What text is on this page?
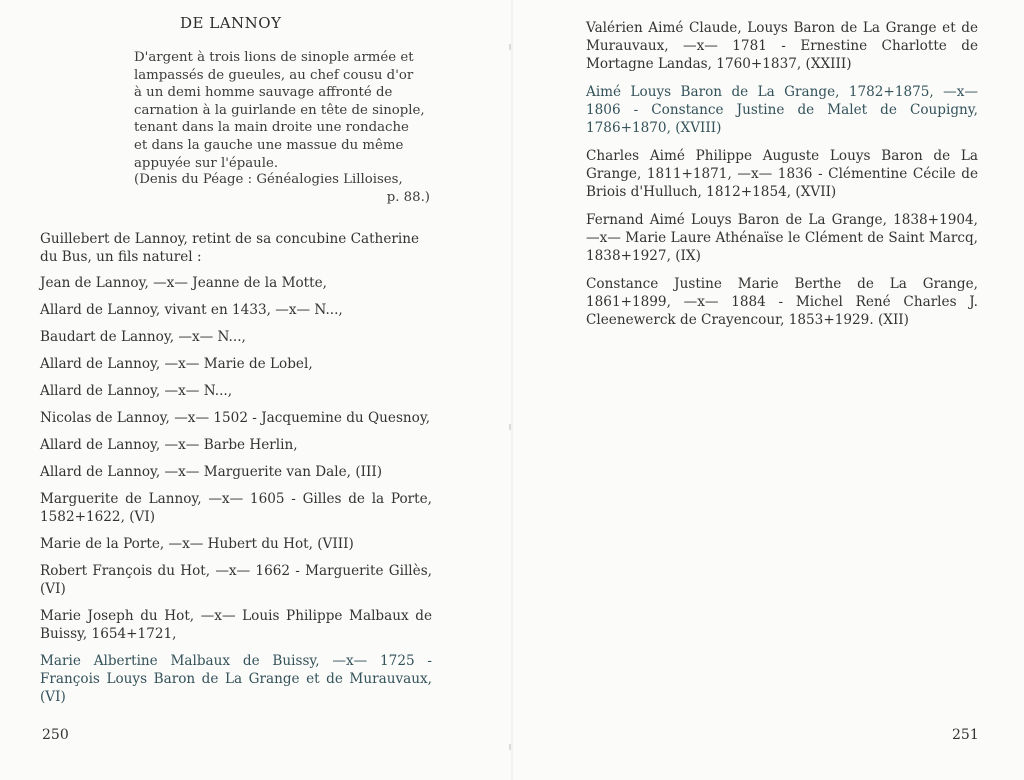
DE LANNOY
D'argent à trois lions de sinople armée et
lampassés de gueules, au chef cousu d'or
à un demi homme sauvage affronté de
carnation à la guirlande en tête de sinople,
tenant dans la main droite une rondache
et dans la gauche une massue du même
appuyée sur l'épaule.
(Denis du Péage : Généalogies Lilloises,
p. 88.)

Guillebert de Lannoy, retint de sa concubine Catherine du Bus, un fils naturel :

Jean de Lannoy, —x— Jeanne de la Motte,
Allard de Lannoy, vivant en 1433, —x— N...,
Baudart de Lannoy, —x— N...,
Allard de Lannoy, —x— Marie de Lobel,
Allard de Lannoy, —x— N...,
Nicolas de Lannoy, —x— 1502 - Jacquemine du Quesnoy,
Allard de Lannoy, —x— Barbe Herlin,
Allard de Lannoy, —x— Marguerite van Dale, (III)
Marguerite de Lannoy, —x— 1605 - Gilles de la Porte, 1582+1622, (VI)
Marie de la Porte, —x— Hubert du Hot, (VIII)
Robert François du Hot, —x— 1662 - Marguerite Gillès, (VI)
Marie Joseph du Hot, —x— Louis Philippe Malbaux de Buissy, 1654+1721,
Marie Albertine Malbaux de Buissy, —x— 1725 - François Louys Baron de La Grange et de Murauvaux, (VI)
250	251
Valérien Aimé Claude, Louys Baron de La Grange et de Murauvaux, —x— 1781 - Ernestine Charlotte de Mortagne Landas, 1760+1837, (XXIII)
Aimé Louys Baron de La Grange, 1782+1875, —x— 1806 - Constance Justine de Malet de Coupigny, 1786+1870, (XVIII)
Charles Aimé Philippe Auguste Louys Baron de La Grange, 1811+1871, —x— 1836 - Clémentine Cécile de Briois d'Hulluch, 1812+1854, (XVII)
Fernand Aimé Louys Baron de La Grange, 1838+1904, —x— Marie Laure Athénaïse le Clément de Saint Marcq, 1838+1927, (IX)
Constance Justine Marie Berthe de La Grange, 1861+1899, —x— 1884 - Michel René Charles J. Cleenewerck de Crayencour, 1853+1929. (XII)
